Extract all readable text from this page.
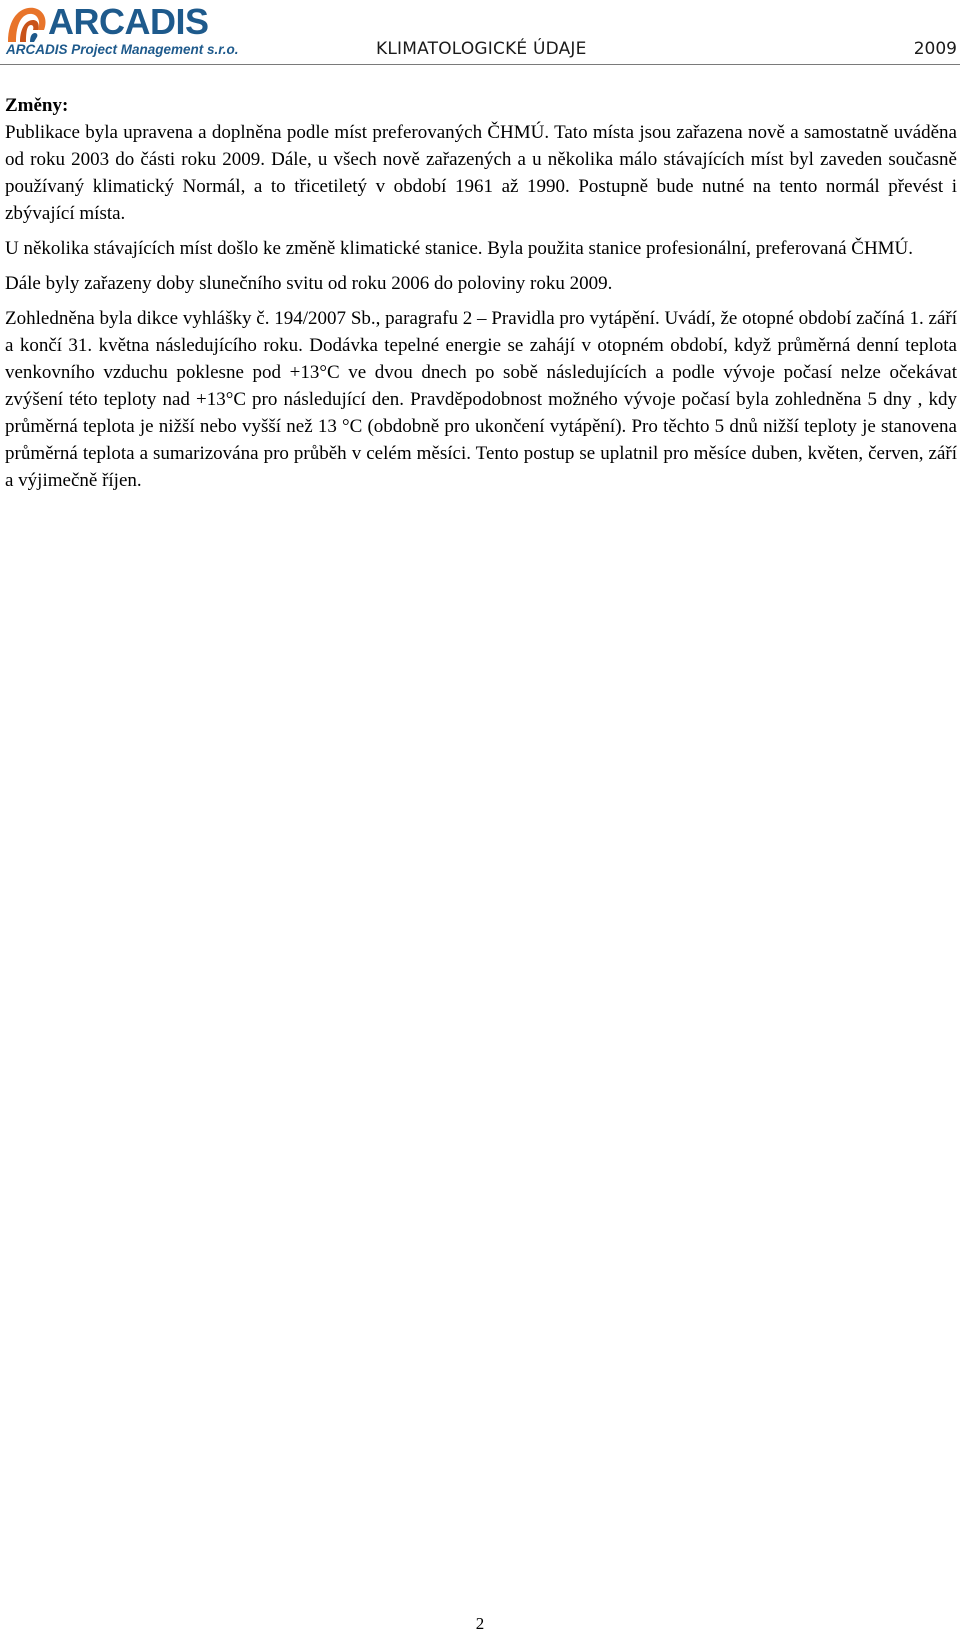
ARCADIS
ARCADIS Project Management s.r.o.	KLIMATOLOGICKÉ ÚDAJE	2009

Změny:

Publikace byla upravena a doplněna podle míst preferovaných ČHMÚ. Tato místa jsou zařazena nově a samostatně uváděna od roku 2003 do části roku 2009. Dále, u všech nově zařazených a u několika málo stávajících míst byl zaveden současně používaný klimatický Normál, a to třicetiletý v období 1961 až 1990. Postupně bude nutné na tento normál převést i zbývající místa.

U několika stávajících míst došlo ke změně klimatické stanice. Byla použita stanice profesionální, preferovaná ČHMÚ.

Dále byly zařazeny doby slunečního svitu od roku 2006 do poloviny roku 2009.

Zohledněna byla dikce vyhlášky č. 194/2007 Sb., paragrafu 2 – Pravidla pro vytápění. Uvádí, že otopné období začíná 1. září a končí 31. května následujícího roku. Dodávka tepelné energie se zahájí v otopném období, když průměrná denní teplota venkovního vzduchu poklesne pod +13°C ve dvou dnech po sobě následujících a podle vývoje počasí nelze očekávat zvýšení této teploty nad +13°C pro následující den. Pravděpodobnost možného vývoje počasí byla zohledněna 5 dny , kdy průměrná teplota je nižší nebo vyšší než 13 °C (obdobně pro ukončení vytápění). Pro těchto 5 dnů nižší teploty je stanovena průměrná teplota a sumarizována pro průběh v celém měsíci. Tento postup se uplatnil pro měsíce duben, květen, červen, září a výjimečně říjen.

2
